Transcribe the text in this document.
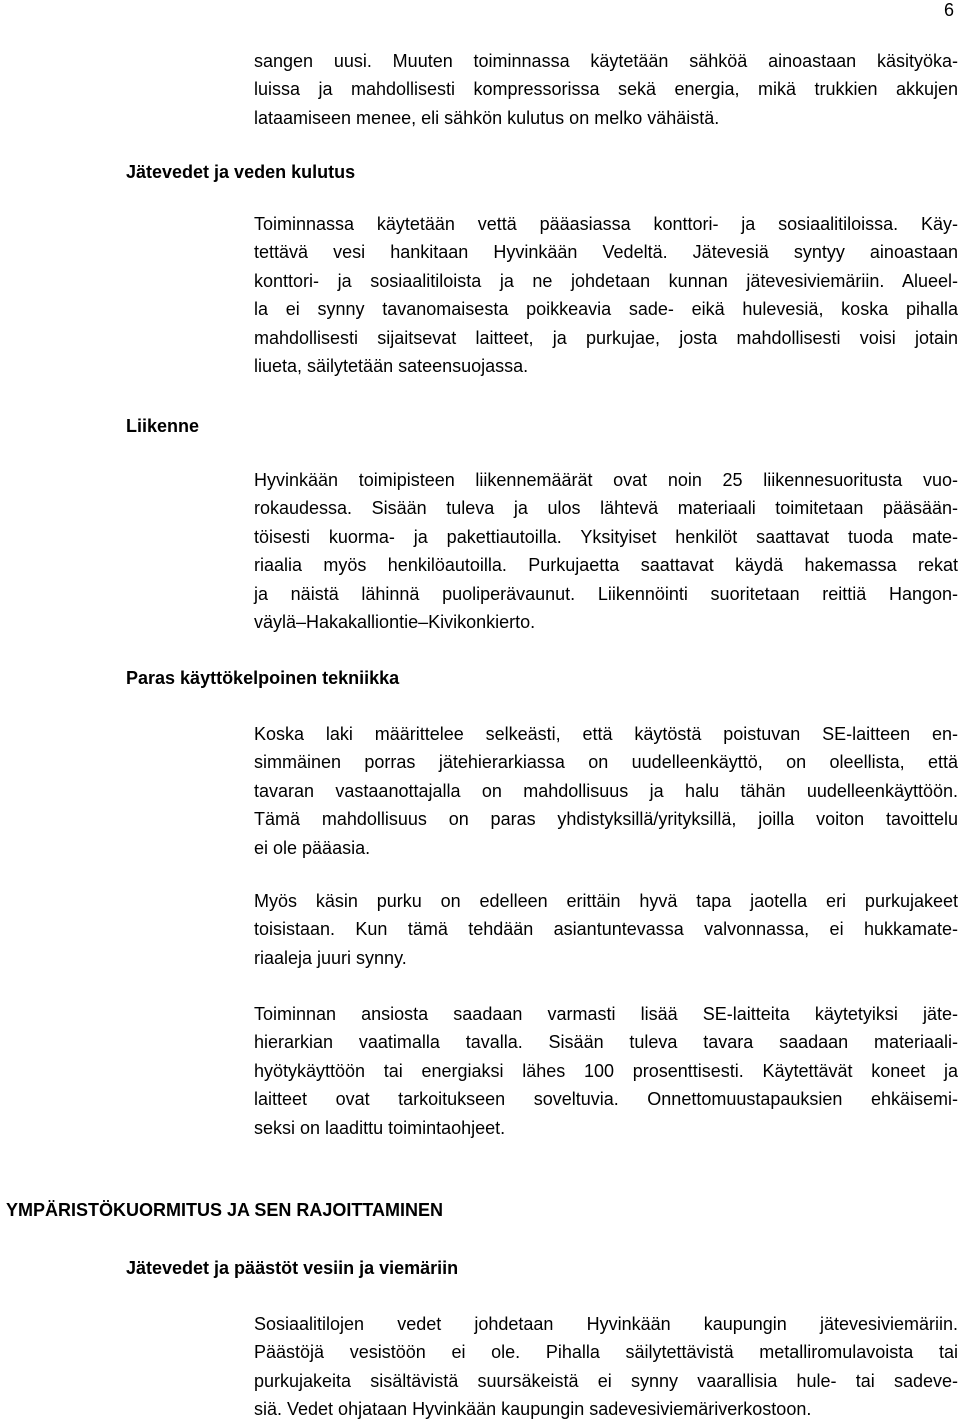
6

sangen uusi. Muuten toiminnassa käytetään sähköä ainoastaan käsityöka-
luissa ja mahdollisesti kompressorissa sekä energia, mikä trukkien akkujen
lataamiseen menee, eli sähkön kulutus on melko vähäistä.

Jätevedet ja veden kulutus

Toiminnassa käytetään vettä pääasiassa konttori- ja sosiaalitiloissa. Käy-
tettävä vesi hankitaan Hyvinkään Vedeltä. Jätevesiä syntyy ainoastaan
konttori- ja sosiaalitiloista ja ne johdetaan kunnan jätevesiviemäriin. Alueel-
la ei synny tavanomaisesta poikkeavia sade- eikä hulevesiä, koska pihalla
mahdollisesti sijaitsevat laitteet, ja purkujae, josta mahdollisesti voisi jotain
liueta, säilytetään sateensuojassa.

Liikenne

Hyvinkään toimipisteen liikennemäärät ovat noin 25 liikennesuoritusta vuo-
rokaudessa. Sisään tuleva ja ulos lähtevä materiaali toimitetaan pääsään-
töisesti kuorma- ja pakettiautoilla. Yksityiset henkilöt saattavat tuoda mate-
riaalia myös henkilöautoilla. Purkujaetta saattavat käydä hakemassa rekat
ja näistä lähinnä puoliperävaunut. Liikennöinti suoritetaan reittiä Hangon-
väylä–Hakakalliontie–Kivikonkierto.

Paras käyttökelpoinen tekniikka

Koska laki määrittelee selkeästi, että käytöstä poistuvan SE-laitteen en-
simmäinen porras jätehierarkiassa on uudelleenkäyttö, on oleellista, että
tavaran vastaanottajalla on mahdollisuus ja halu tähän uudelleenkäyttöön.
Tämä mahdollisuus on paras yhdistyksillä/yrityksillä, joilla voiton tavoittelu
ei ole pääasia.

Myös käsin purku on edelleen erittäin hyvä tapa jaotella eri purkujakeet
toisistaan. Kun tämä tehdään asiantuntevassa valvonnassa, ei hukkamate-
riaaleja juuri synny.

Toiminnan ansiosta saadaan varmasti lisää SE-laitteita käytetyiksi jäte-
hierarkian vaatimalla tavalla. Sisään tuleva tavara saadaan materiaali-
hyötykäyttöön tai energiaksi lähes 100 prosenttisesti. Käytettävät koneet ja
laitteet ovat tarkoitukseen soveltuvia. Onnettomuustapauksien ehkäisemi-
seksi on laadittu toimintaohjeet.

YMPÄRISTÖKUORMITUS JA SEN RAJOITTAMINEN
Jätevedet ja päästöt vesiin ja viemäriin

Sosiaalitilojen vedet johdetaan Hyvinkään kaupungin jätevesiviemäriin.
Päästöjä vesistöön ei ole. Pihalla säilytettävistä metalliromulavoista tai
purkujakeita sisältävistä suursäkeistä ei synny vaarallisia hule- tai sadeve-
siä. Vedet ohjataan Hyvinkään kaupungin sadevesiviemäriverkostoon.
